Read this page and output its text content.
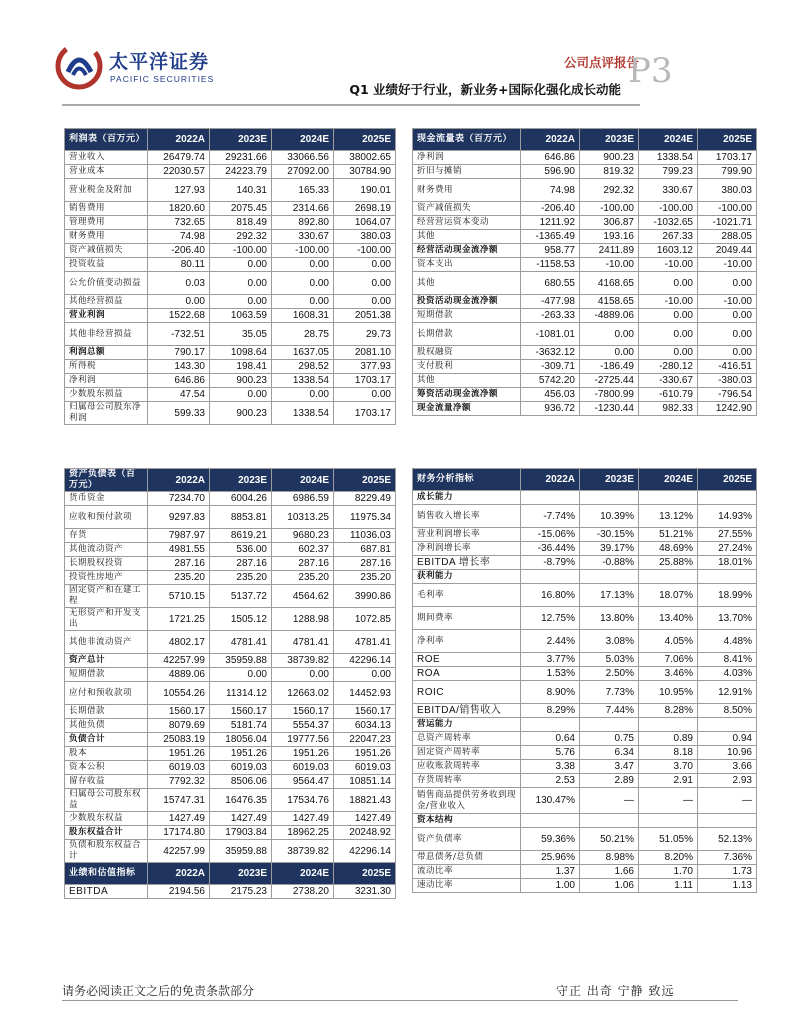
太平洋证券
PACIFIC SECURITIES
公司点评报告
Q1 业绩好于行业，新业务+国际化强化成长动能 P3
利润表（百万元）	2022A	2023E	2024E	2025E
营业收入	26479.74	29231.66	33066.56	38002.65
营业成本	22030.57	24223.79	27092.00	30784.90
营业税金及附加	127.93	140.31	165.33	190.01
销售费用	1820.60	2075.45	2314.66	2698.19
管理费用	732.65	818.49	892.80	1064.07
财务费用	74.98	292.32	330.67	380.03
资产减值损失	-206.40	-100.00	-100.00	-100.00
投资收益	80.11	0.00	0.00	0.00
公允价值变动损益	0.03	0.00	0.00	0.00
其他经营损益	0.00	0.00	0.00	0.00
营业利润	1522.68	1063.59	1608.31	2051.38
其他非经营损益	-732.51	35.05	28.75	29.73
利润总额	790.17	1098.64	1637.05	2081.10
所得税	143.30	198.41	298.52	377.93
净利润	646.86	900.23	1338.54	1703.17
少数股东损益	47.54	0.00	0.00	0.00
归属母公司股东净利润	599.33	900.23	1338.54	1703.17
现金流量表（百万元）	2022A	2023E	2024E	2025E
净利润	646.86	900.23	1338.54	1703.17
折旧与摊销	596.90	819.32	799.23	799.90
财务费用	74.98	292.32	330.67	380.03
资产减值损失	-206.40	-100.00	-100.00	-100.00
经营营运资本变动	1211.92	306.87	-1032.65	-1021.71
其他	-1365.49	193.16	267.33	288.05
经营活动现金流净额	958.77	2411.89	1603.12	2049.44
资本支出	-1158.53	-10.00	-10.00	-10.00
其他	680.55	4168.65	0.00	0.00
投资活动现金流净额	-477.98	4158.65	-10.00	-10.00
短期借款	-263.33	-4889.06	0.00	0.00
长期借款	-1081.01	0.00	0.00	0.00
股权融资	-3632.12	0.00	0.00	0.00
支付股利	-309.71	-186.49	-280.12	-416.51
其他	5742.20	-2725.44	-330.67	-380.03
筹资活动现金流净额	456.03	-7800.99	-610.79	-796.54
现金流量净额	936.72	-1230.44	982.33	1242.90
资产负债表（百万元）	2022A	2023E	2024E	2025E
货币资金	7234.70	6004.26	6986.59	8229.49
应收和预付款项	9297.83	8853.81	10313.25	11975.34
存货	7987.97	8619.21	9680.23	11036.03
其他流动资产	4981.55	536.00	602.37	687.81
长期股权投资	287.16	287.16	287.16	287.16
投资性房地产	235.20	235.20	235.20	235.20
固定资产和在建工程	5710.15	5137.72	4564.62	3990.86
无形资产和开发支出	1721.25	1505.12	1288.98	1072.85
其他非流动资产	4802.17	4781.41	4781.41	4781.41
资产总计	42257.99	35959.88	38739.82	42296.14
短期借款	4889.06	0.00	0.00	0.00
应付和预收款项	10554.26	11314.12	12663.02	14452.93
长期借款	1560.17	1560.17	1560.17	1560.17
其他负债	8079.69	5181.74	5554.37	6034.13
负债合计	25083.19	18056.04	19777.56	22047.23
股本	1951.26	1951.26	1951.26	1951.26
资本公积	6019.03	6019.03	6019.03	6019.03
留存收益	7792.32	8506.06	9564.47	10851.14
归属母公司股东权益	15747.31	16476.35	17534.76	18821.43
少数股东权益	1427.49	1427.49	1427.49	1427.49
股东权益合计	17174.80	17903.84	18962.25	20248.92
负债和股东权益合计	42257.99	35959.88	38739.82	42296.14
业绩和估值指标	2022A	2023E	2024E	2025E
EBITDA	2194.56	2175.23	2738.20	3231.30
财务分析指标	2022A	2023E	2024E	2025E
成长能力				
销售收入增长率	-7.74%	10.39%	13.12%	14.93%
营业利润增长率	-15.06%	-30.15%	51.21%	27.55%
净利润增长率	-36.44%	39.17%	48.69%	27.24%
EBITDA 增长率	-8.79%	-0.88%	25.88%	18.01%
获利能力				
毛利率	16.80%	17.13%	18.07%	18.99%
期间费率	12.75%	13.80%	13.40%	13.70%
净利率	2.44%	3.08%	4.05%	4.48%
ROE	3.77%	5.03%	7.06%	8.41%
ROA	1.53%	2.50%	3.46%	4.03%
ROIC	8.90%	7.73%	10.95%	12.91%
EBITDA/销售收入	8.29%	7.44%	8.28%	8.50%
营运能力				
总资产周转率	0.64	0.75	0.89	0.94
固定资产周转率	5.76	6.34	8.18	10.96
应收账款周转率	3.38	3.47	3.70	3.66
存货周转率	2.53	2.89	2.91	2.93
销售商品提供劳务收到现金/营业收入	130.47%	—	—	—
资本结构				
资产负债率	59.36%	50.21%	51.05%	52.13%
带息债务/总负债	25.96%	8.98%	8.20%	7.36%
流动比率	1.37	1.66	1.70	1.73
速动比率	1.00	1.06	1.11	1.13
请务必阅读正文之后的免责条款部分	守正 出奇 宁静 致远
